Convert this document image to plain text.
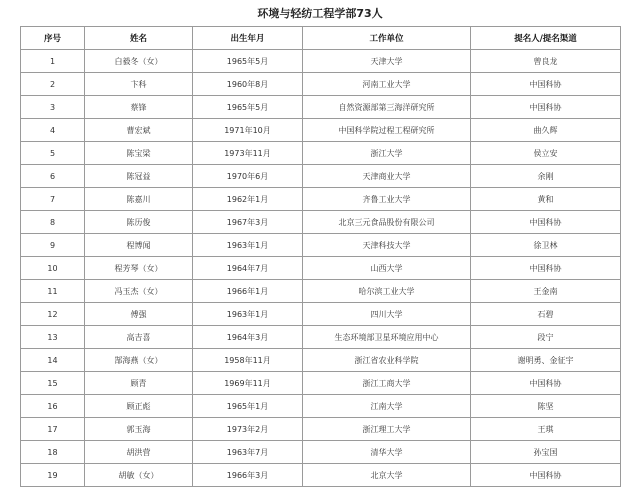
环境与轻纺工程学部73人
序号	姓名	出生年月	工作单位	提名人/提名渠道
1	白毅冬（女）	1965年5月	天津大学	曾良龙
2	卞科	1960年8月	河南工业大学	中国科协
3	蔡锋	1965年5月	自然资源部第三海洋研究所	中国科协
4	曹宏斌	1971年10月	中国科学院过程工程研究所	曲久辉
5	陈宝梁	1973年11月	浙江大学	侯立安
6	陈冠益	1970年6月	天津商业大学	余刚
7	陈嘉川	1962年1月	齐鲁工业大学	黄和
8	陈历俊	1967年3月	北京三元食品股份有限公司	中国科协
9	程博闻	1963年1月	天津科技大学	徐卫林
10	程芳琴（女）	1964年7月	山西大学	中国科协
11	冯玉杰（女）	1966年1月	哈尔滨工业大学	王金南
12	傅强	1963年1月	四川大学	石碧
13	高吉喜	1964年3月	生态环境部卫星环境应用中心	段宁
14	郜海燕（女）	1958年11月	浙江省农业科学院	谢明勇、金征宇
15	顾青	1969年11月	浙江工商大学	中国科协
16	顾正彪	1965年1月	江南大学	陈坚
17	郭玉海	1973年2月	浙江理工大学	王琪
18	胡洪营	1963年7月	清华大学	孙宝国
19	胡敏（女）	1966年3月	北京大学	中国科协
